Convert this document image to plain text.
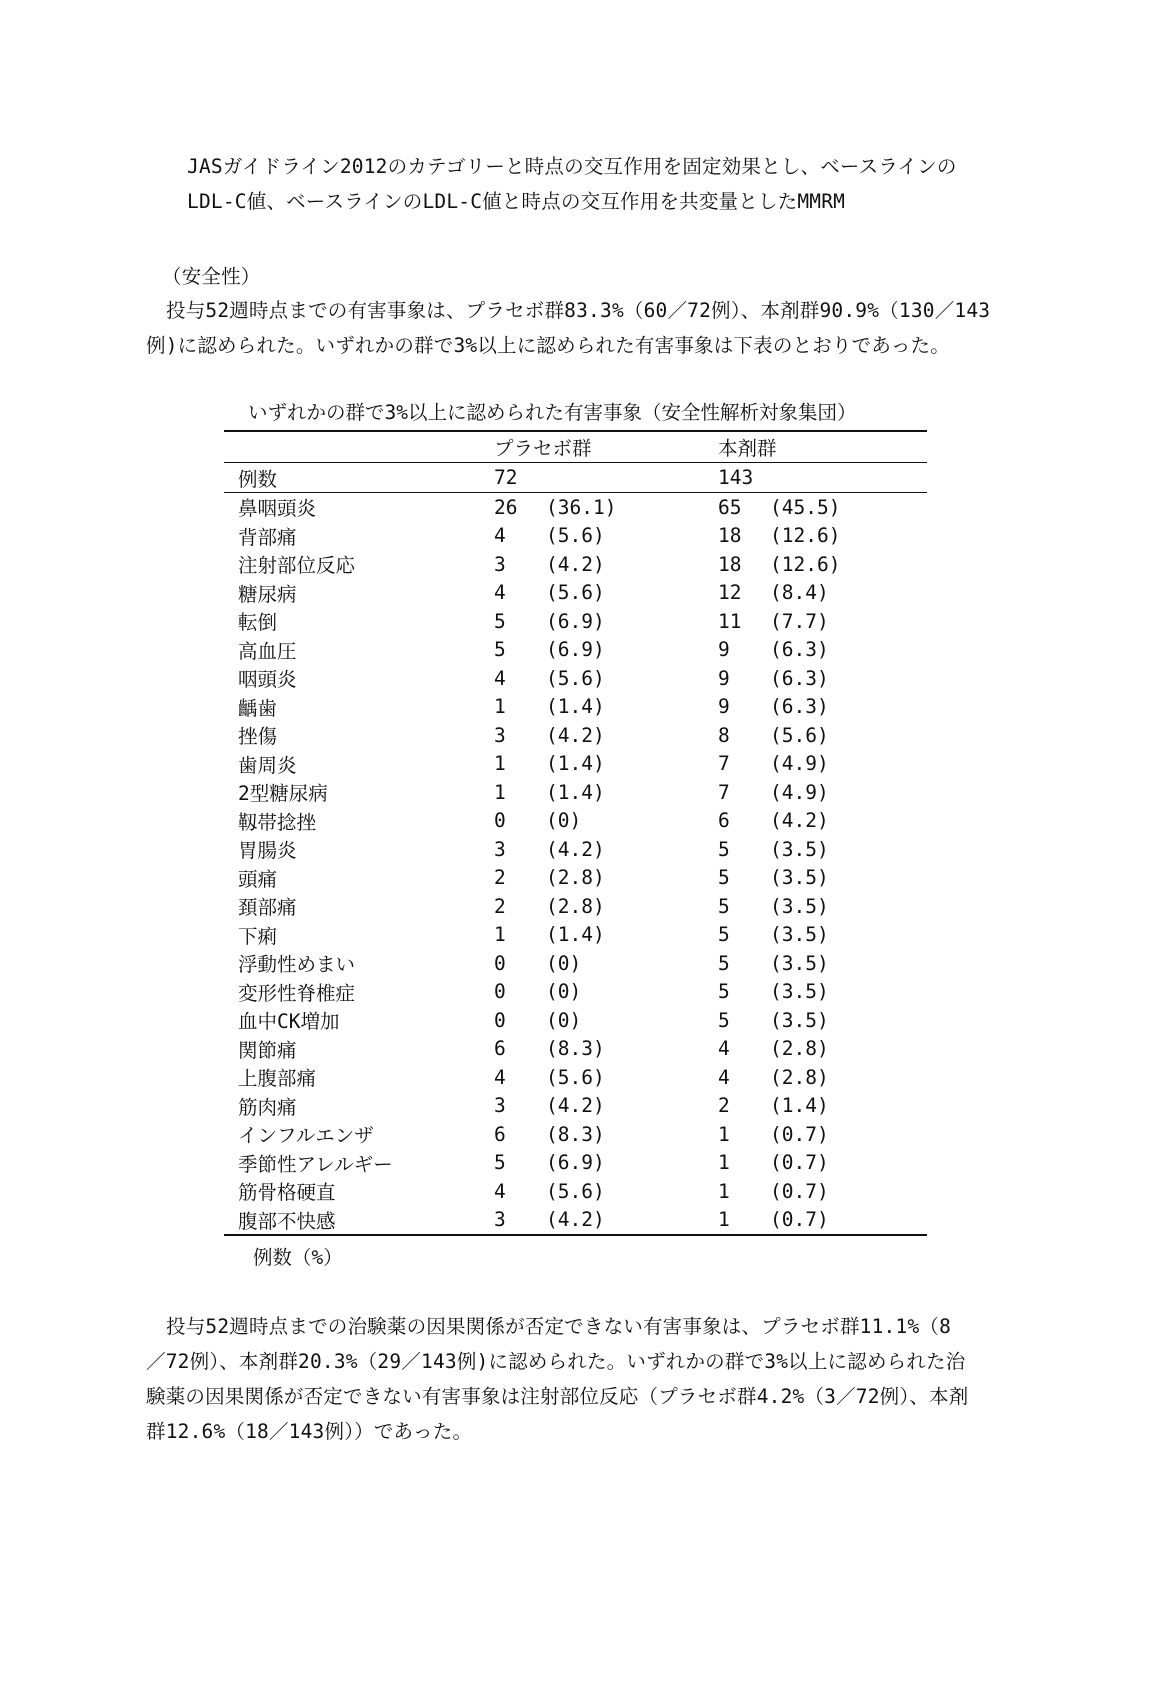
JASガイドライン2012のカテゴリーと時点の交互作用を固定効果とし、ベースラインの
LDL-C値、ベースラインのLDL-C値と時点の交互作用を共変量としたMMRM
（安全性）
投与52週時点までの有害事象は、プラセボ群83.3%（60／72例）、本剤群90.9%（130／143
例)に認められた。いずれかの群で3%以上に認められた有害事象は下表のとおりであった。
いずれかの群で3%以上に認められた有害事象（安全性解析対象集団）
	プラセボ群		本剤群	
例数	72		143	
鼻咽頭炎	26	(36.1)	65	(45.5)
背部痛	4	(5.6)	18	(12.6)
注射部位反応	3	(4.2)	18	(12.6)
糖尿病	4	(5.6)	12	(8.4)
転倒	5	(6.9)	11	(7.7)
高血圧	5	(6.9)	9	(6.3)
咽頭炎	4	(5.6)	9	(6.3)
齲歯	1	(1.4)	9	(6.3)
挫傷	3	(4.2)	8	(5.6)
歯周炎	1	(1.4)	7	(4.9)
2型糖尿病	1	(1.4)	7	(4.9)
靱帯捻挫	0	(0)	6	(4.2)
胃腸炎	3	(4.2)	5	(3.5)
頭痛	2	(2.8)	5	(3.5)
頚部痛	2	(2.8)	5	(3.5)
下痢	1	(1.4)	5	(3.5)
浮動性めまい	0	(0)	5	(3.5)
変形性脊椎症	0	(0)	5	(3.5)
血中CK増加	0	(0)	5	(3.5)
関節痛	6	(8.3)	4	(2.8)
上腹部痛	4	(5.6)	4	(2.8)
筋肉痛	3	(4.2)	2	(1.4)
インフルエンザ	6	(8.3)	1	(0.7)
季節性アレルギー	5	(6.9)	1	(0.7)
筋骨格硬直	4	(5.6)	1	(0.7)
腹部不快感	3	(4.2)	1	(0.7)
例数（%）
投与52週時点までの治験薬の因果関係が否定できない有害事象は、プラセボ群11.1%（8
／72例）、本剤群20.3%（29／143例)に認められた。いずれかの群で3%以上に認められた治
験薬の因果関係が否定できない有害事象は注射部位反応（プラセボ群4.2%（3／72例）、本剤
群12.6%（18／143例））であった。
